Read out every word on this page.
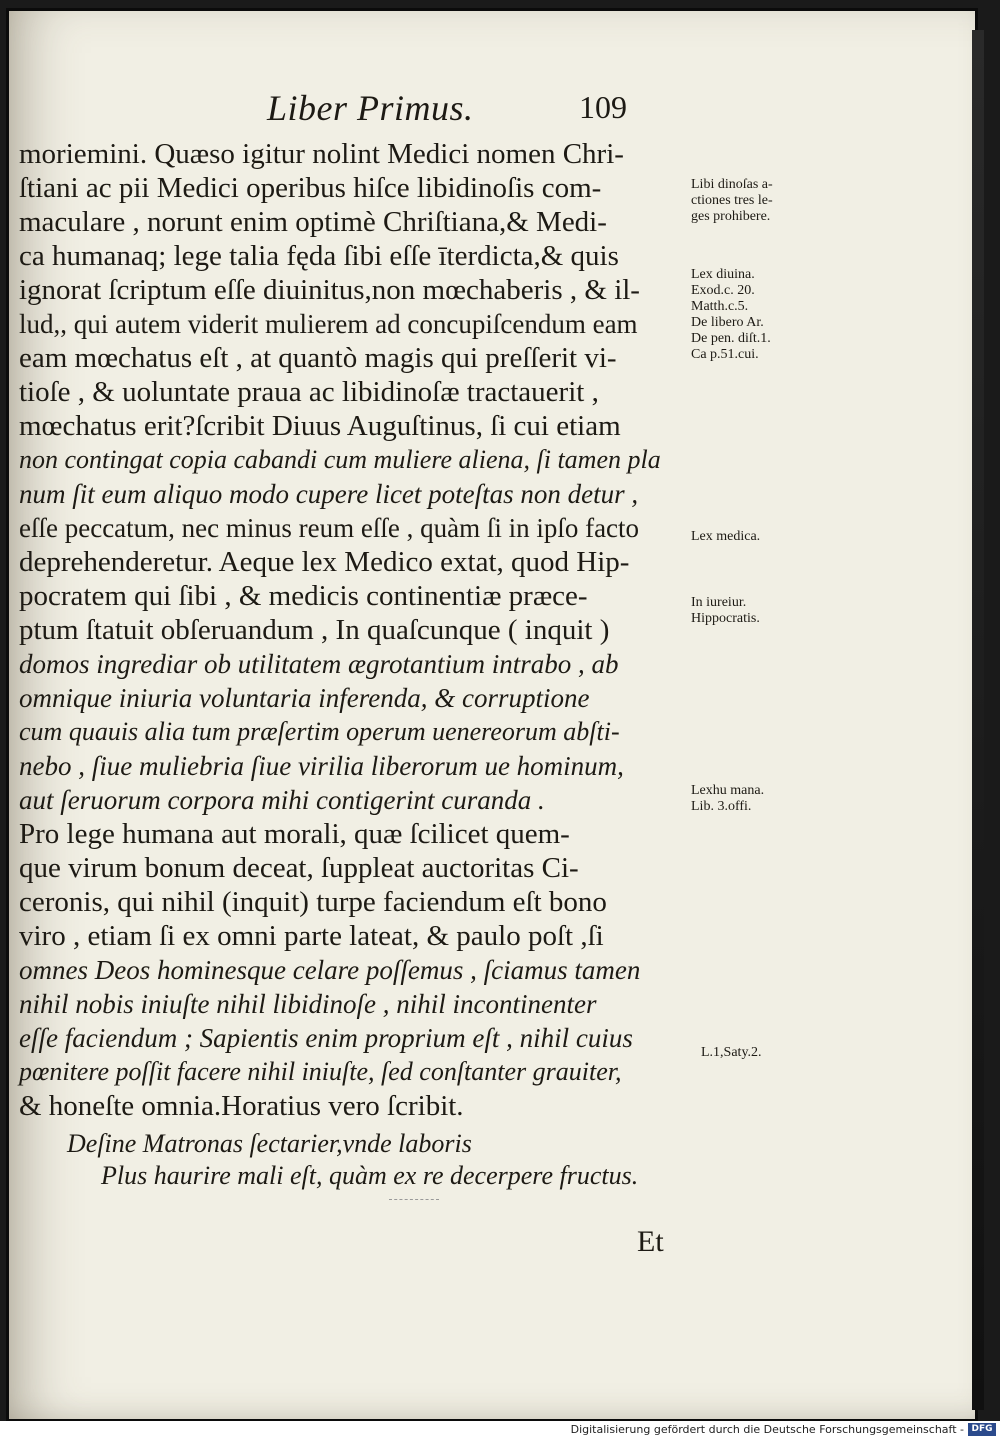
Liber Primus.	109
moriemini. Quæso igitur nolint Medici nomen Chri-
ſtiani ac pii Medici operibus hiſce libidinoſis com-
maculare , norunt enim optimè Chriſtiana,& Medi-
ca humanaq; lege talia fęda ſibi eſſe īterdicta,& quis
ignorat ſcriptum eſſe diuinitus,non mœchaberis , & il-
lud,, qui autem viderit mulierem ad concupiſcendum eam
eam mœchatus eſt , at quantò magis qui preſſerit vi-
tioſe , & uoluntate praua ac libidinoſæ tractauerit ,
mœchatus erit?ſcribit Diuus Auguſtinus, ſi cui etiam
non contingat copia cabandi cum muliere aliena, ſi tamen pla
num ſit eum aliquo modo cupere licet poteſtas non detur ,
eſſe peccatum, nec minus reum eſſe , quàm ſi in ipſo facto
deprehenderetur. Aeque lex Medico extat, quod Hip-
pocratem qui ſibi , & medicis continentiæ præce-
ptum ſtatuit obſeruandum , In quaſcunque ( inquit )
domos ingrediar ob utilitatem ægrotantium intrabo , ab
omnique iniuria voluntaria inferenda, & corruptione
cum quauis alia tum præſertim operum uenereorum abſti-
nebo , ſiue muliebria ſiue virilia liberorum ue hominum,
aut ſeruorum corpora mihi contigerint curanda .
Pro lege humana aut morali, quæ ſcilicet quem-
que virum bonum deceat, ſuppleat auctoritas Ci-
ceronis, qui nihil (inquit) turpe faciendum eſt bono
viro , etiam ſi ex omni parte lateat, & paulo poſt ,ſi
omnes Deos hominesque celare poſſemus , ſciamus tamen
nihil nobis iniuſte nihil libidinoſe , nihil incontinenter
eſſe faciendum ; Sapientis enim proprium eſt , nihil cuius
pœnitere poſſit facere nihil iniuſte, ſed conſtanter grauiter,
& honeſte omnia.Horatius vero ſcribit.
Libi dinoſas a-
ctiones tres le-
ges prohibere.
Lex diuina.
Exod.c. 20.
Matth.c.5.
De libero Ar.
De pen. diſt.1.
Ca p.51.cui.
Lex medica.
In iureiur.
Hippocratis.
Lexhu mana.
Lib. 3.offi.
L.1,Saty.2.
Deſine Matronas ſectarier,vnde laboris
Plus haurire mali eſt, quàm ex re decerpere fructus.
Et
Digitalisierung gefördert durch die Deutsche Forschungsgemeinschaft - DFG
